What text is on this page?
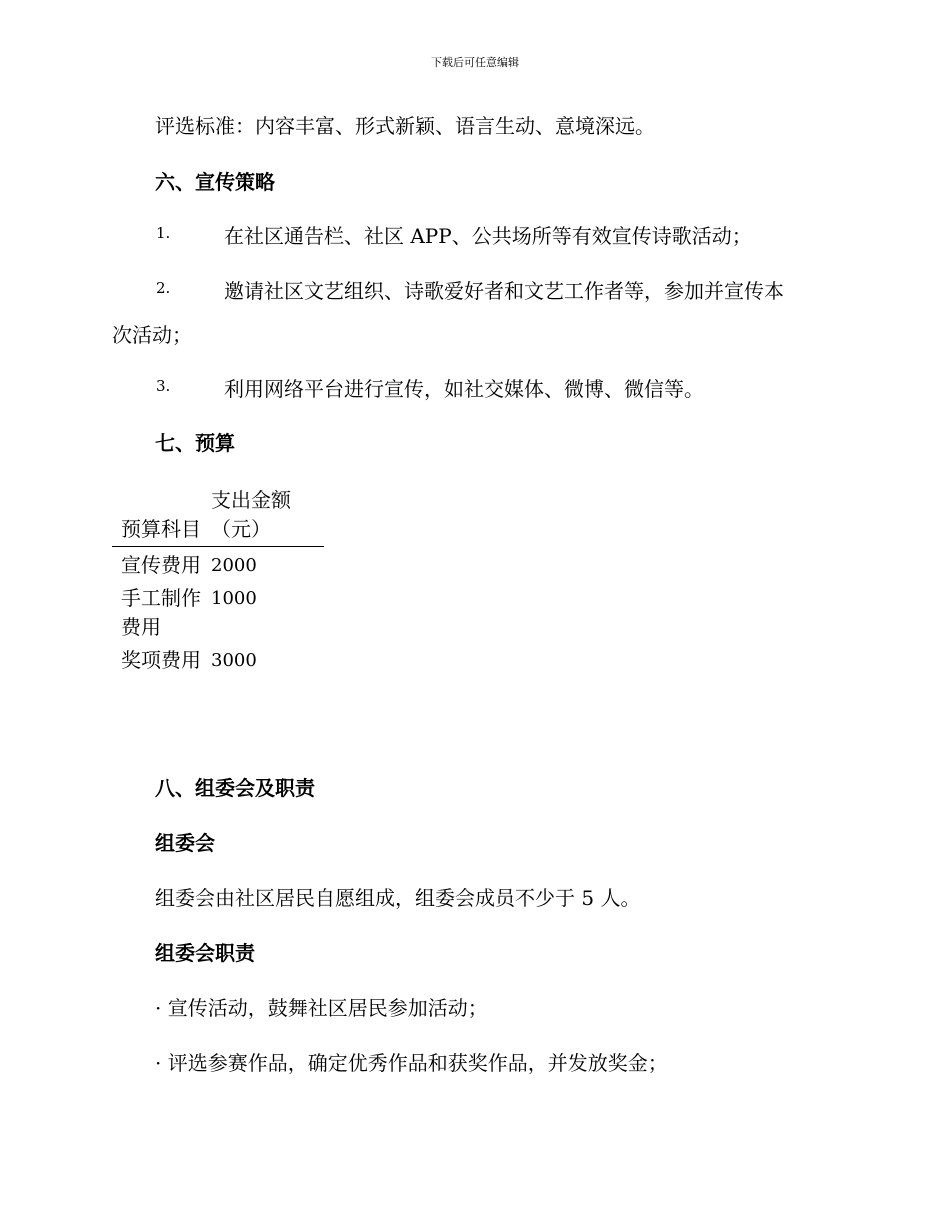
下载后可任意编辑
评选标准：内容丰富、形式新颖、语言生动、意境深远。
六、宣传策略
1.	在社区通告栏、社区 APP、公共场所等有效宣传诗歌活动；
2.	邀请社区文艺组织、诗歌爱好者和文艺工作者等，参加并宣传本
次活动；
3.	利用网络平台进行宣传，如社交媒体、微博、微信等。
七、预算
预算科目	支出金额（元）	
宣传费用	2000	
手工制作费用	1000	
奖项费用	3000	
八、组委会及职责
组委会
组委会由社区居民自愿组成，组委会成员不少于 5 人。
组委会职责
· 宣传活动，鼓舞社区居民参加活动；
· 评选参赛作品，确定优秀作品和获奖作品，并发放奖金；
